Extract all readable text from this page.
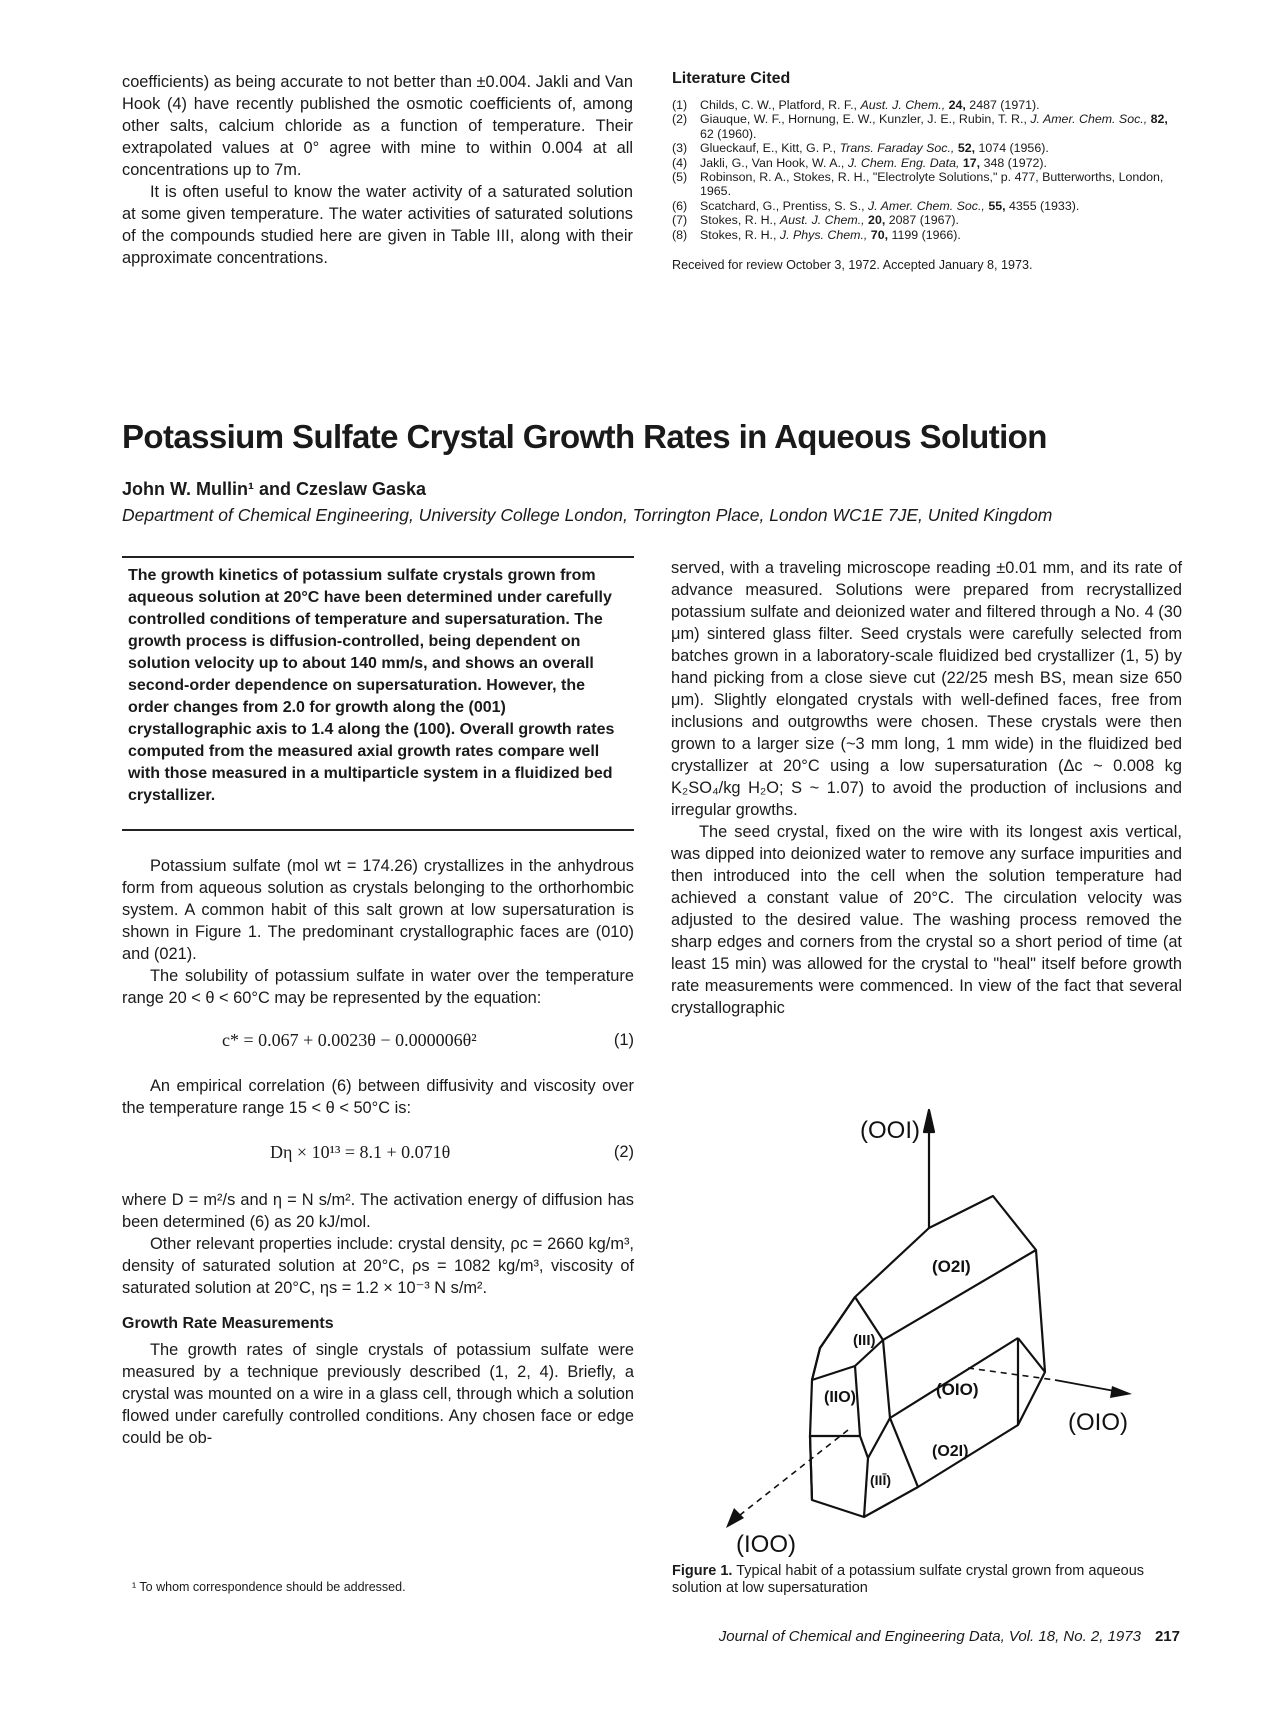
coefficients) as being accurate to not better than ±0.004. Jakli and Van Hook (4) have recently published the osmotic coefficients of, among other salts, calcium chloride as a function of temperature. Their extrapolated values at 0° agree with mine to within 0.004 at all concentrations up to 7m.

It is often useful to know the water activity of a saturated solution at some given temperature. The water activities of saturated solutions of the compounds studied here are given in Table III, along with their approximate concentrations.

Literature Cited
(1)	Childs, C. W., Platford, R. F., Aust. J. Chem., 24, 2487 (1971).
(2)	Giauque, W. F., Hornung, E. W., Kunzler, J. E., Rubin, T. R., J. Amer. Chem. Soc., 82, 62 (1960).
(3)	Glueckauf, E., Kitt, G. P., Trans. Faraday Soc., 52, 1074 (1956).
(4)	Jakli, G., Van Hook, W. A., J. Chem. Eng. Data, 17, 348 (1972).
(5)	Robinson, R. A., Stokes, R. H., "Electrolyte Solutions," p. 477, Butterworths, London, 1965.
(6)	Scatchard, G., Prentiss, S. S., J. Amer. Chem. Soc., 55, 4355 (1933).
(7)	Stokes, R. H., Aust. J. Chem., 20, 2087 (1967).
(8)	Stokes, R. H., J. Phys. Chem., 70, 1199 (1966).
Received for review October 3, 1972. Accepted January 8, 1973.
Potassium Sulfate Crystal Growth Rates in Aqueous Solution
John W. Mullin¹ and Czeslaw Gaska
Department of Chemical Engineering, University College London, Torrington Place, London WC1E 7JE, United Kingdom
The growth kinetics of potassium sulfate crystals grown from aqueous solution at 20°C have been determined under carefully controlled conditions of temperature and supersaturation. The growth process is diffusion-controlled, being dependent on solution velocity up to about 140 mm/s, and shows an overall second-order dependence on supersaturation. However, the order changes from 2.0 for growth along the (001) crystallographic axis to 1.4 along the (100). Overall growth rates computed from the measured axial growth rates compare well with those measured in a multiparticle system in a fluidized bed crystallizer.

Potassium sulfate (mol wt = 174.26) crystallizes in the anhydrous form from aqueous solution as crystals belonging to the orthorhombic system. A common habit of this salt grown at low supersaturation is shown in Figure 1. The predominant crystallographic faces are (010) and (021).

The solubility of potassium sulfate in water over the temperature range 20 < θ < 60°C may be represented by the equation:

c* = 0.067 + 0.0023θ − 0.000006θ²	(1)

An empirical correlation (6) between diffusivity and viscosity over the temperature range 15 < θ < 50°C is:

Dη × 10¹³ = 8.1 + 0.071θ	(2)

where D = m²/s and η = N s/m². The activation energy of diffusion has been determined (6) as 20 kJ/mol.

Other relevant properties include: crystal density, ρc = 2660 kg/m³, density of saturated solution at 20°C, ρs = 1082 kg/m³, viscosity of saturated solution at 20°C, ηs = 1.2 × 10⁻³ N s/m².

Growth Rate Measurements

The growth rates of single crystals of potassium sulfate were measured by a technique previously described (1, 2, 4). Briefly, a crystal was mounted on a wire in a glass cell, through which a solution flowed under carefully controlled conditions. Any chosen face or edge could be ob-

¹ To whom correspondence should be addressed.

served, with a traveling microscope reading ±0.01 mm, and its rate of advance measured. Solutions were prepared from recrystallized potassium sulfate and deionized water and filtered through a No. 4 (30 μm) sintered glass filter. Seed crystals were carefully selected from batches grown in a laboratory-scale fluidized bed crystallizer (1, 5) by hand picking from a close sieve cut (22/25 mesh BS, mean size 650 μm). Slightly elongated crystals with well-defined faces, free from inclusions and outgrowths were chosen. These crystals were then grown to a larger size (~3 mm long, 1 mm wide) in the fluidized bed crystallizer at 20°C using a low supersaturation (Δc ~ 0.008 kg K₂SO₄/kg H₂O; S ~ 1.07) to avoid the production of inclusions and irregular growths.

The seed crystal, fixed on the wire with its longest axis vertical, was dipped into deionized water to remove any surface impurities and then introduced into the cell when the solution temperature had achieved a constant value of 20°C. The circulation velocity was adjusted to the desired value. The washing process removed the sharp edges and corners from the crystal so a short period of time (at least 15 min) was allowed for the crystal to "heal" itself before growth rate measurements were commenced. In view of the fact that several crystallographic

(OOI)
(O2I)
(III)
(IIO)	(OIO)
(OIO)
(O2I)
(IIĪ)
(IOO)
Figure 1. Typical habit of a potassium sulfate crystal grown from aqueous solution at low supersaturation
Journal of Chemical and Engineering Data, Vol. 18, No. 2, 1973 217
